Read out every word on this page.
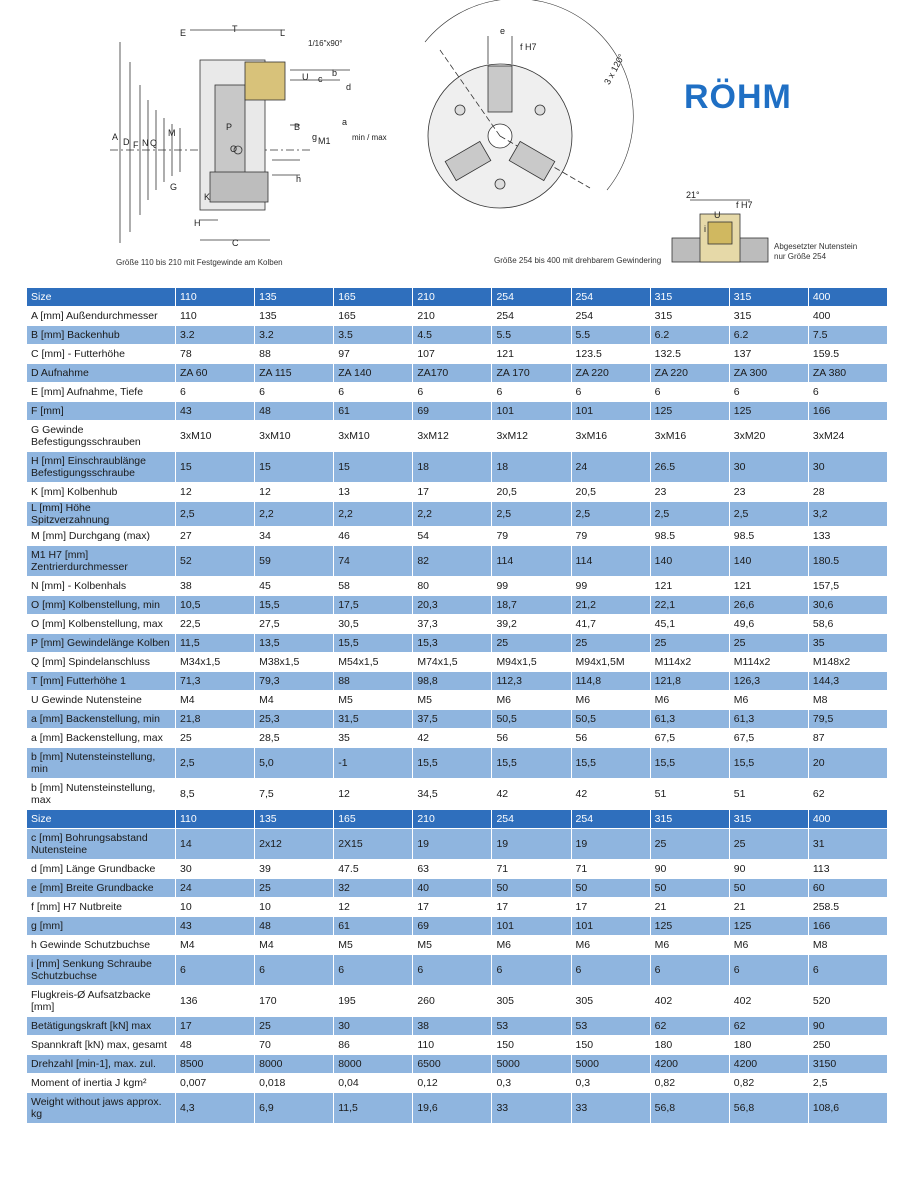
E	T	L
1/16"x90°
U c
b
d
A D F N Q
M
P
O
B
g M1
a
min / max
h
G
K
H
C
e
f H7
3 x 120°
21°
U
f H7
i
Größe 110 bis 210 mit Festgewinde am Kolben	Größe 254 bis 400 mit drehbarem Gewindering
Abgesetzter Nutenstein
nur Größe 254
RÖHM
Size	110	135	165	210	254	254	315	315	400
A [mm] Außendurchmesser	110	135	165	210	254	254	315	315	400
B [mm] Backenhub	3.2	3.2	3.5	4.5	5.5	5.5	6.2	6.2	7.5
C [mm] - Futterhöhe	78	88	97	107	121	123.5	132.5	137	159.5
D Aufnahme	ZA 60	ZA 115	ZA 140	ZA170	ZA 170	ZA 220	ZA 220	ZA 300	ZA 380
E [mm] Aufnahme, Tiefe	6	6	6	6	6	6	6	6	6
F [mm]	43	48	61	69	101	101	125	125	166
G Gewinde Befestigungsschrauben	3xM10	3xM10	3xM10	3xM12	3xM12	3xM16	3xM16	3xM20	3xM24
H [mm] Einschraublänge Befestigungsschraube	15	15	15	18	18	24	26.5	30	30
K [mm] Kolbenhub	12	12	13	17	20,5	20,5	23	23	28
L [mm] Höhe Spitzverzahnung	2,5	2,2	2,2	2,2	2,5	2,5	2,5	2,5	3,2
M [mm] Durchgang (max)	27	34	46	54	79	79	98.5	98.5	133
M1 H7 [mm] Zentrierdurchmesser	52	59	74	82	114	114	140	140	180.5
N [mm] - Kolbenhals	38	45	58	80	99	99	121	121	157,5
O [mm] Kolbenstellung, min	10,5	15,5	17,5	20,3	18,7	21,2	22,1	26,6	30,6
O [mm] Kolbenstellung, max	22,5	27,5	30,5	37,3	39,2	41,7	45,1	49,6	58,6
P [mm] Gewindelänge Kolben	11,5	13,5	15,5	15,3	25	25	25	25	35
Q [mm] Spindelanschluss	M34x1,5	M38x1,5	M54x1,5	M74x1,5	M94x1,5	M94x1,5M	M114x2	M114x2	M148x2
T [mm] Futterhöhe 1	71,3	79,3	88	98,8	112,3	114,8	121,8	126,3	144,3
U Gewinde Nutensteine	M4	M4	M5	M5	M6	M6	M6	M6	M8
a [mm] Backenstellung, min	21,8	25,3	31,5	37,5	50,5	50,5	61,3	61,3	79,5
a [mm] Backenstellung, max	25	28,5	35	42	56	56	67,5	67,5	87
b [mm] Nutensteinstellung, min	2,5	5,0	-1	15,5	15,5	15,5	15,5	15,5	20
b [mm] Nutensteinstellung, max	8,5	7,5	12	34,5	42	42	51	51	62
Size	110	135	165	210	254	254	315	315	400
c [mm] Bohrungsabstand Nutensteine	14	2x12	2X15	19	19	19	25	25	31
d [mm] Länge Grundbacke	30	39	47.5	63	71	71	90	90	113
e [mm] Breite Grundbacke	24	25	32	40	50	50	50	50	60
f [mm] H7 Nutbreite	10	10	12	17	17	17	21	21	258.5
g [mm]	43	48	61	69	101	101	125	125	166
h Gewinde Schutzbuchse	M4	M4	M5	M5	M6	M6	M6	M6	M8
i [mm] Senkung Schraube Schutzbuchse	6	6	6	6	6	6	6	6	6
Flugkreis-Ø Aufsatzbacke [mm]	136	170	195	260	305	305	402	402	520
Betätigungskraft [kN] max	17	25	30	38	53	53	62	62	90
Spannkraft [kN) max, gesamt	48	70	86	110	150	150	180	180	250
Drehzahl [min-1], max. zul.	8500	8000	8000	6500	5000	5000	4200	4200	3150
Moment of inertia J kgm²	0,007	0,018	0,04	0,12	0,3	0,3	0,82	0,82	2,5
Weight without jaws approx. kg	4,3	6,9	11,5	19,6	33	33	56,8	56,8	108,6
